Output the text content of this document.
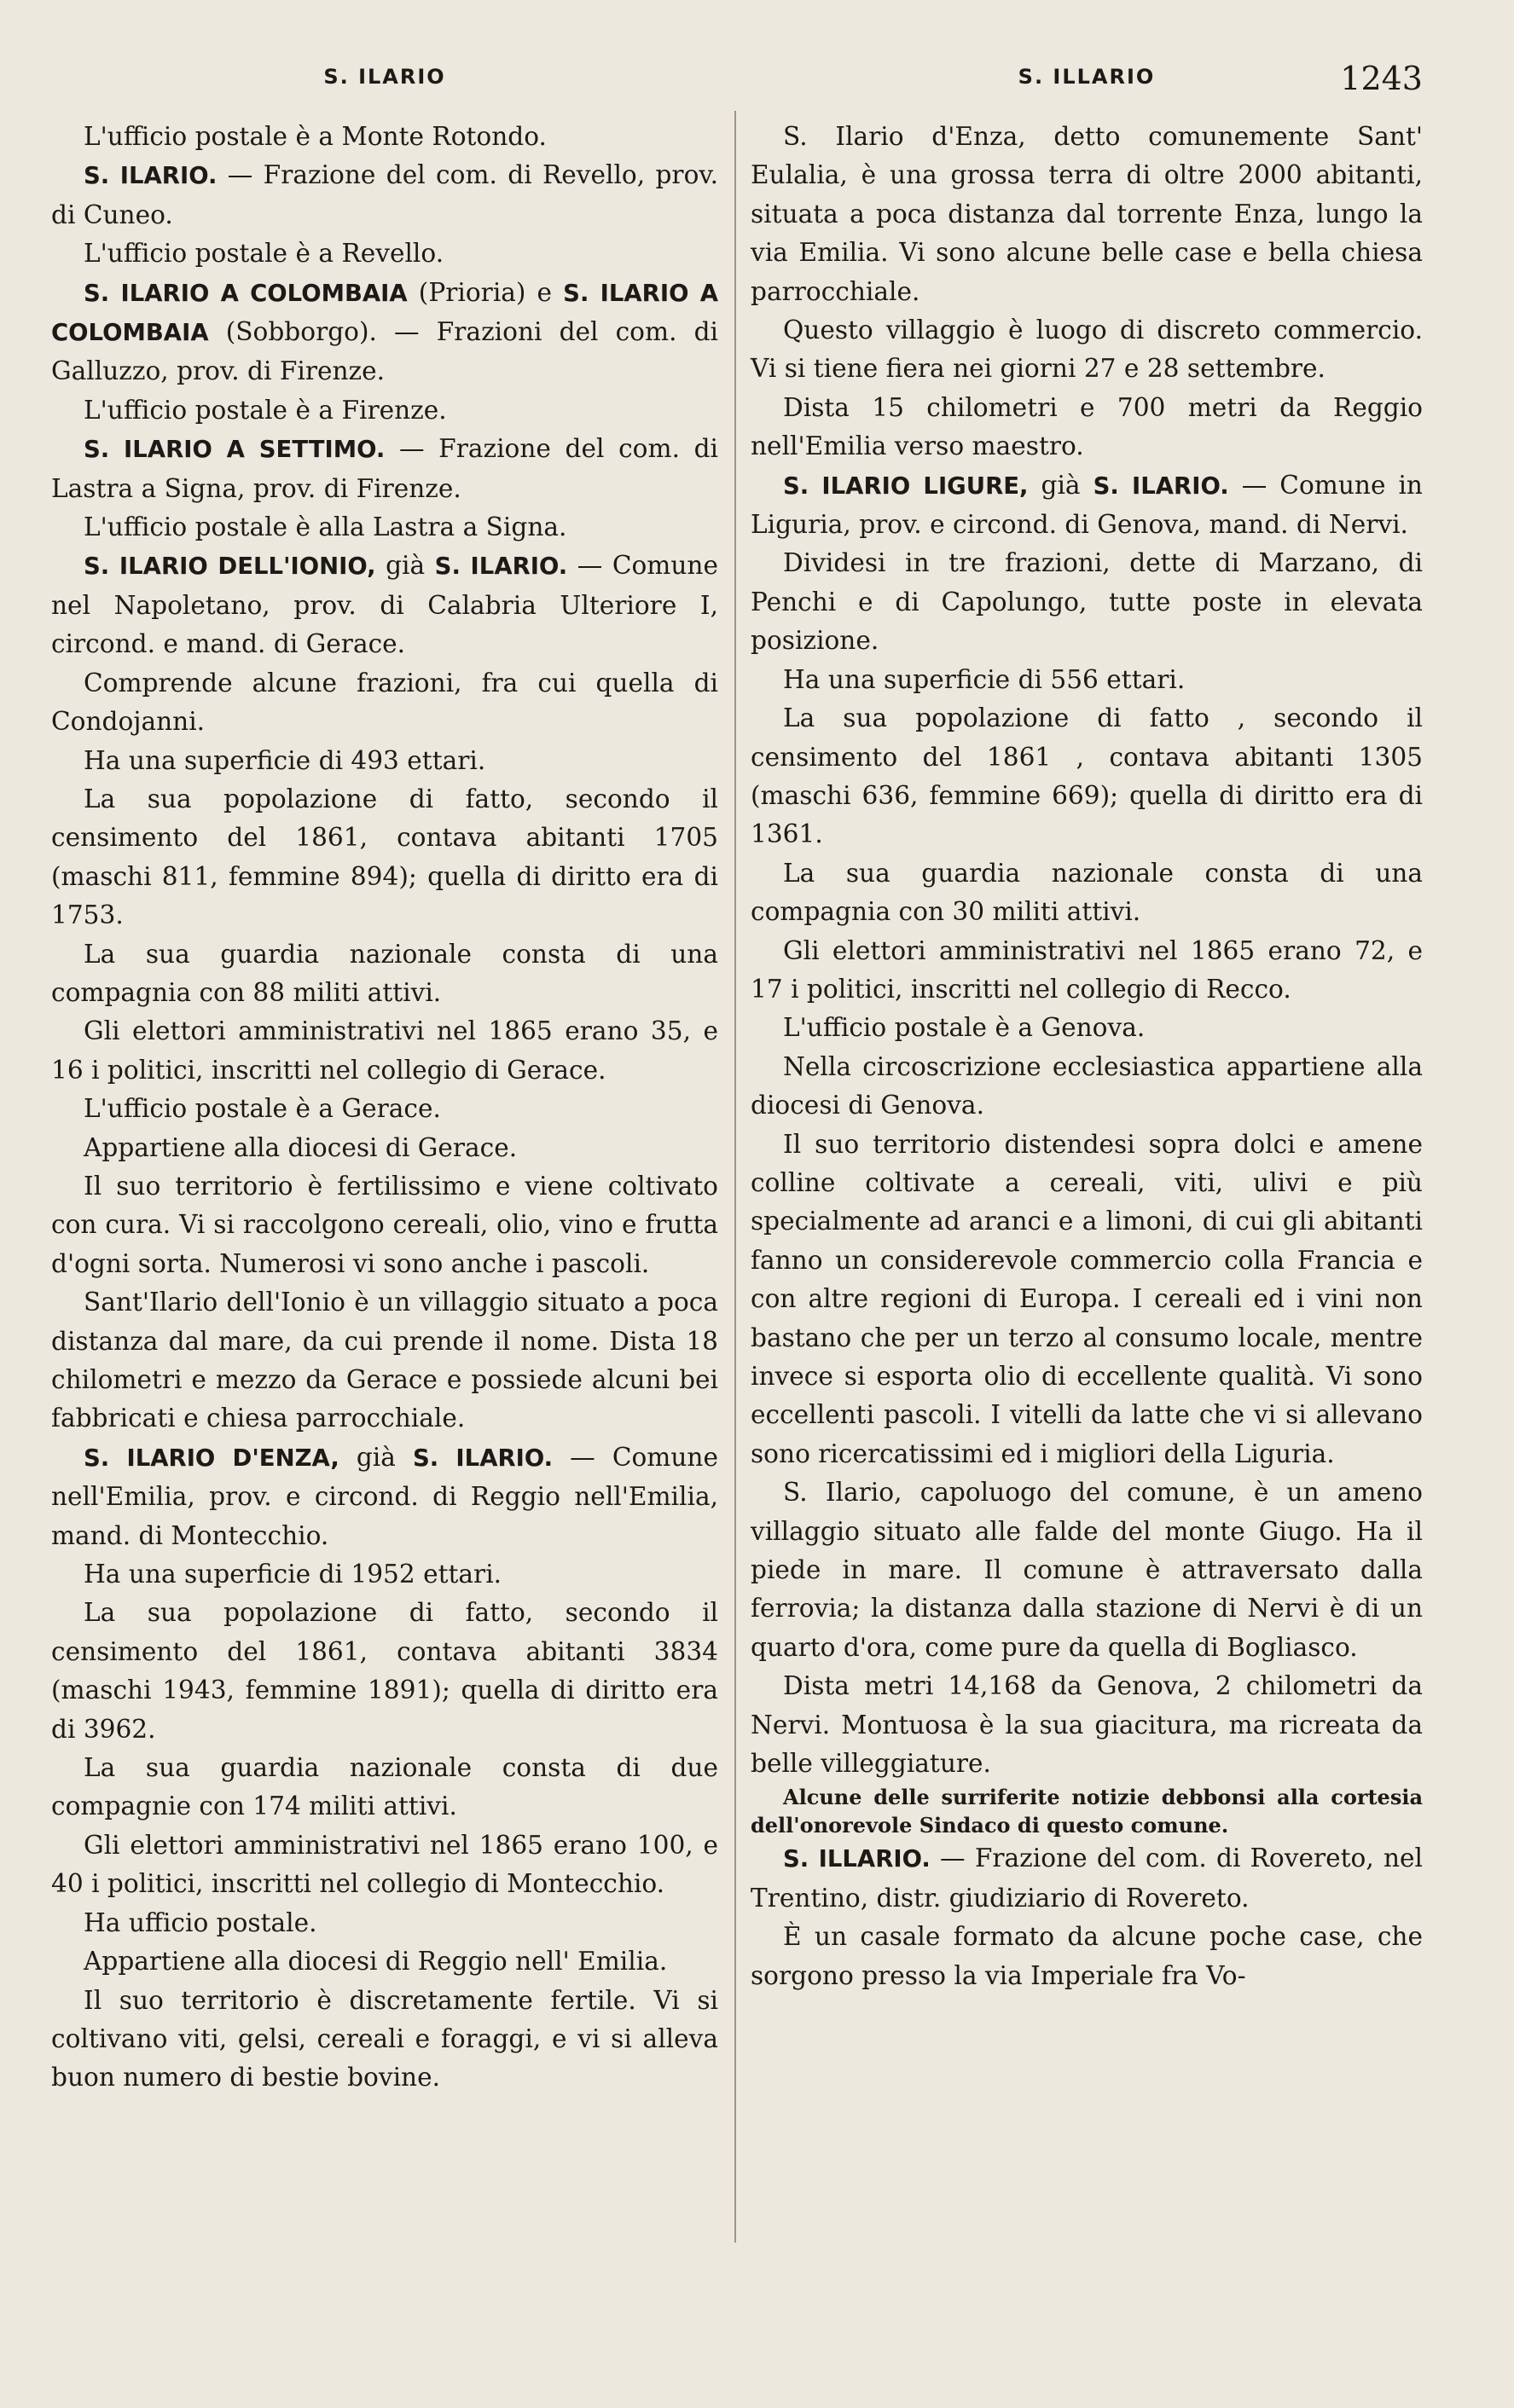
S. ILARIO

L'ufficio postale è a Monte Rotondo.

S. ILARIO. — Frazione del com. di Revello, prov. di Cuneo.

L'ufficio postale è a Revello.

S. ILARIO A COLOMBAIA (Prioria) e S. ILARIO A COLOMBAIA (Sobborgo). — Frazioni del com. di Galluzzo, prov. di Firenze.

L'ufficio postale è a Firenze.

S. ILARIO A SETTIMO. — Frazione del com. di Lastra a Signa, prov. di Firenze.

L'ufficio postale è alla Lastra a Signa.

S. ILARIO DELL'IONIO, già S. ILARIO. — Comune nel Napoletano, prov. di Calabria Ulteriore I, circond. e mand. di Gerace.

Comprende alcune frazioni, fra cui quella di Condojanni.

Ha una superficie di 493 ettari.

La sua popolazione di fatto, secondo il censimento del 1861, contava abitanti 1705 (maschi 811, femmine 894); quella di diritto era di 1753.

La sua guardia nazionale consta di una compagnia con 88 militi attivi.

Gli elettori amministrativi nel 1865 erano 35, e 16 i politici, inscritti nel collegio di Gerace.

L'ufficio postale è a Gerace.

Appartiene alla diocesi di Gerace.

Il suo territorio è fertilissimo e viene coltivato con cura. Vi si raccolgono cereali, olio, vino e frutta d'ogni sorta. Numerosi vi sono anche i pascoli.

Sant'Ilario dell'Ionio è un villaggio situato a poca distanza dal mare, da cui prende il nome. Dista 18 chilometri e mezzo da Gerace e possiede alcuni bei fabbricati e chiesa parrocchiale.

S. ILARIO D'ENZA, già S. ILARIO. — Comune nell'Emilia, prov. e circond. di Reggio nell'Emilia, mand. di Montecchio.

Ha una superficie di 1952 ettari.

La sua popolazione di fatto, secondo il censimento del 1861, contava abitanti 3834 (maschi 1943, femmine 1891); quella di diritto era di 3962.

La sua guardia nazionale consta di due compagnie con 174 militi attivi.

Gli elettori amministrativi nel 1865 erano 100, e 40 i politici, inscritti nel collegio di Montecchio.

Ha ufficio postale.

Appartiene alla diocesi di Reggio nell' Emilia.

Il suo territorio è discretamente fertile. Vi si coltivano viti, gelsi, cereali e foraggi, e vi si alleva buon numero di bestie bovine.

S. ILLARIO	1243

S. Ilario d'Enza, detto comunemente Sant' Eulalia, è una grossa terra di oltre 2000 abitanti, situata a poca distanza dal torrente Enza, lungo la via Emilia. Vi sono alcune belle case e bella chiesa parrocchiale.

Questo villaggio è luogo di discreto commercio. Vi si tiene fiera nei giorni 27 e 28 settembre.

Dista 15 chilometri e 700 metri da Reggio nell'Emilia verso maestro.

S. ILARIO LIGURE, già S. ILARIO. — Comune in Liguria, prov. e circond. di Genova, mand. di Nervi.

Dividesi in tre frazioni, dette di Marzano, di Penchi e di Capolungo, tutte poste in elevata posizione.

Ha una superficie di 556 ettari.

La sua popolazione di fatto , secondo il censimento del 1861 , contava abitanti 1305 (maschi 636, femmine 669); quella di diritto era di 1361.

La sua guardia nazionale consta di una compagnia con 30 militi attivi.

Gli elettori amministrativi nel 1865 erano 72, e 17 i politici, inscritti nel collegio di Recco.

L'ufficio postale è a Genova.

Nella circoscrizione ecclesiastica appartiene alla diocesi di Genova.

Il suo territorio distendesi sopra dolci e amene colline coltivate a cereali, viti, ulivi e più specialmente ad aranci e a limoni, di cui gli abitanti fanno un considerevole commercio colla Francia e con altre regioni di Europa. I cereali ed i vini non bastano che per un terzo al consumo locale, mentre invece si esporta olio di eccellente qualità. Vi sono eccellenti pascoli. I vitelli da latte che vi si allevano sono ricercatissimi ed i migliori della Liguria.

S. Ilario, capoluogo del comune, è un ameno villaggio situato alle falde del monte Giugo. Ha il piede in mare. Il comune è attraversato dalla ferrovia; la distanza dalla stazione di Nervi è di un quarto d'ora, come pure da quella di Bogliasco.

Dista metri 14,168 da Genova, 2 chilometri da Nervi. Montuosa è la sua giacitura, ma ricreata da belle villeggiature.

Alcune delle surriferite notizie debbonsi alla cortesia dell'onorevole Sindaco di questo comune.

S. ILLARIO. — Frazione del com. di Rovereto, nel Trentino, distr. giudiziario di Rovereto.

È un casale formato da alcune poche case, che sorgono presso la via Imperiale fra Vo-
